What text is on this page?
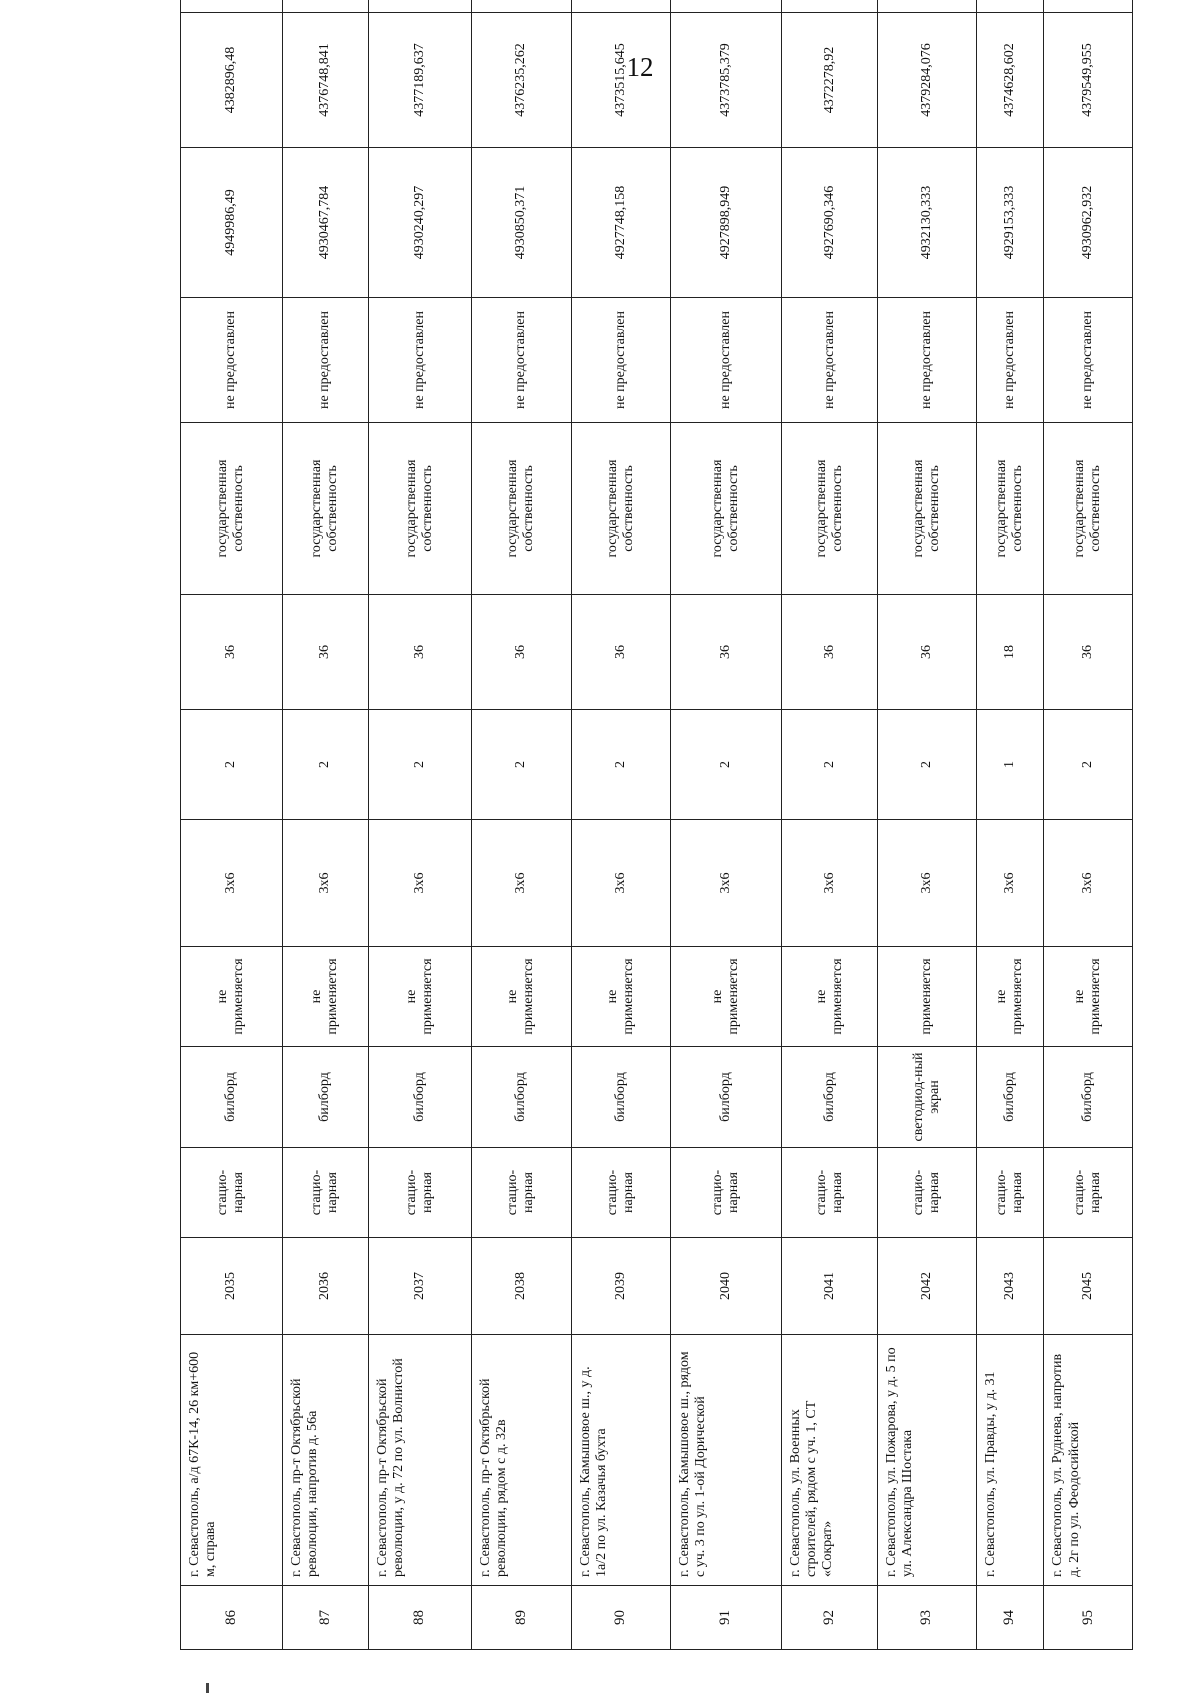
12
86	г. Севастополь, а/д 67К-14, 26 км+600 м, справа	2035	стацио-нарная	билборд	не применяется	3х6	2	36	государственная собственность	не предоставлен	4949986,49	4382896,48	
87	г. Севастополь, пр-т Октябрьской революции, напротив д. 56а	2036	стацио-нарная	билборд	не применяется	3х6	2	36	государственная собственность	не предоставлен	4930467,784	4376748,841	
88	г. Севастополь, пр-т Октябрьской революции, у д. 72 по ул. Волнистой	2037	стацио-нарная	билборд	не применяется	3х6	2	36	государственная собственность	не предоставлен	4930240,297	4377189,637	
89	г. Севастополь, пр-т Октябрьской революции, рядом с д. 32в	2038	стацио-нарная	билборд	не применяется	3х6	2	36	государственная собственность	не предоставлен	4930850,371	4376235,262	
90	г. Севастополь, Камышовое ш., у д. 1а/2 по ул. Казачья бухта	2039	стацио-нарная	билборд	не применяется	3х6	2	36	государственная собственность	не предоставлен	4927748,158	4373515,645	
91	г. Севастополь, Камышовое ш., рядом с уч. 3 по ул. 1-ой Дорической	2040	стацио-нарная	билборд	не применяется	3х6	2	36	государственная собственность	не предоставлен	4927898,949	4373785,379	
92	г. Севастополь, ул. Военных строителей, рядом с уч. 1, СТ «Сократ»	2041	стацио-нарная	билборд	не применяется	3х6	2	36	государственная собственность	не предоставлен	4927690,346	4372278,92	
93	г. Севастополь, ул. Пожарова, у д. 5 по ул. Александра Шостака	2042	стацио-нарная	светодиод-ный экран	применяется	3х6	2	36	государственная собственность	не предоставлен	4932130,333	4379284,076	
94	г. Севастополь, ул. Правды, у д. 31	2043	стацио-нарная	билборд	не применяется	3х6	1	18	государственная собственность	не предоставлен	4929153,333	4374628,602	
95	г. Севастополь, ул. Руднева, напротив д. 2г по ул. Феодосийской	2045	стацио-нарная	билборд	не применяется	3х6	2	36	государственная собственность	не предоставлен	4930962,932	4379549,955	
